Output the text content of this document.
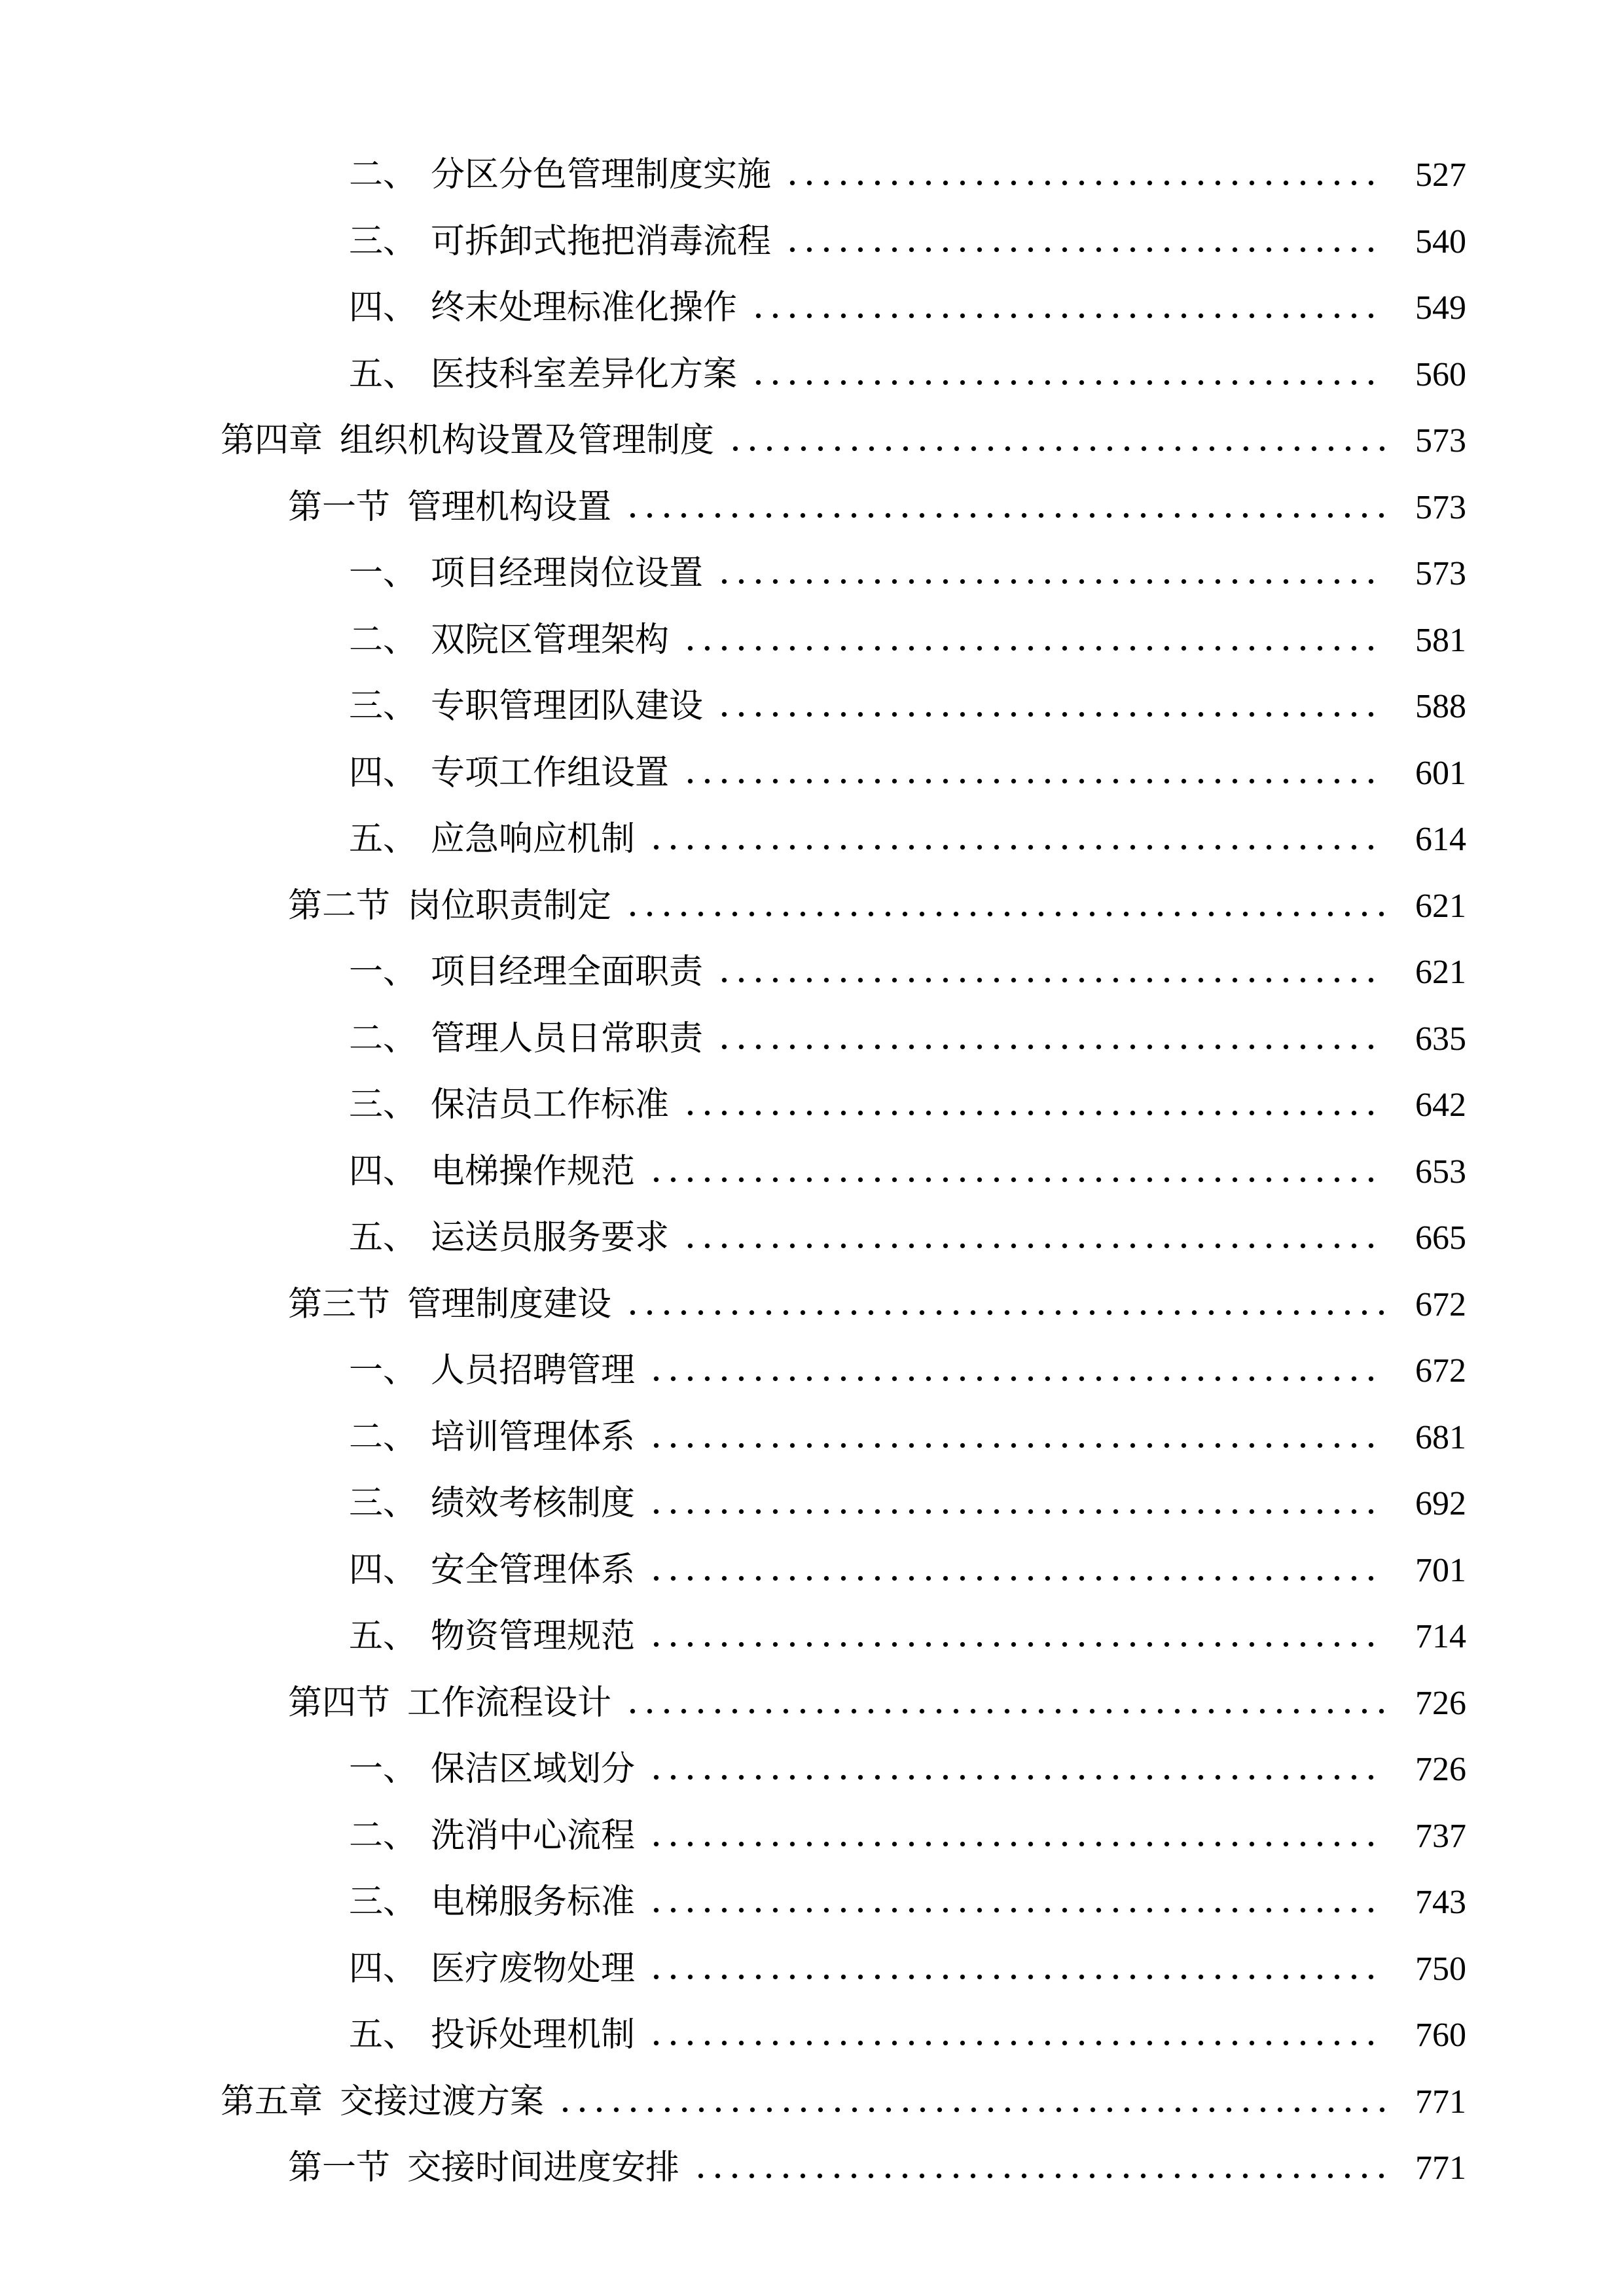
二、 分区分色管理制度实施	527
三、 可拆卸式拖把消毒流程	540
四、 终末处理标准化操作	549
五、 医技科室差异化方案	560
第四章 组织机构设置及管理制度	573
第一节 管理机构设置	573
一、 项目经理岗位设置	573
二、 双院区管理架构	581
三、 专职管理团队建设	588
四、 专项工作组设置	601
五、 应急响应机制	614
第二节 岗位职责制定	621
一、 项目经理全面职责	621
二、 管理人员日常职责	635
三、 保洁员工作标准	642
四、 电梯操作规范	653
五、 运送员服务要求	665
第三节 管理制度建设	672
一、 人员招聘管理	672
二、 培训管理体系	681
三、 绩效考核制度	692
四、 安全管理体系	701
五、 物资管理规范	714
第四节 工作流程设计	726
一、 保洁区域划分	726
二、 洗消中心流程	737
三、 电梯服务标准	743
四、 医疗废物处理	750
五、 投诉处理机制	760
第五章 交接过渡方案	771
第一节 交接时间进度安排	771
